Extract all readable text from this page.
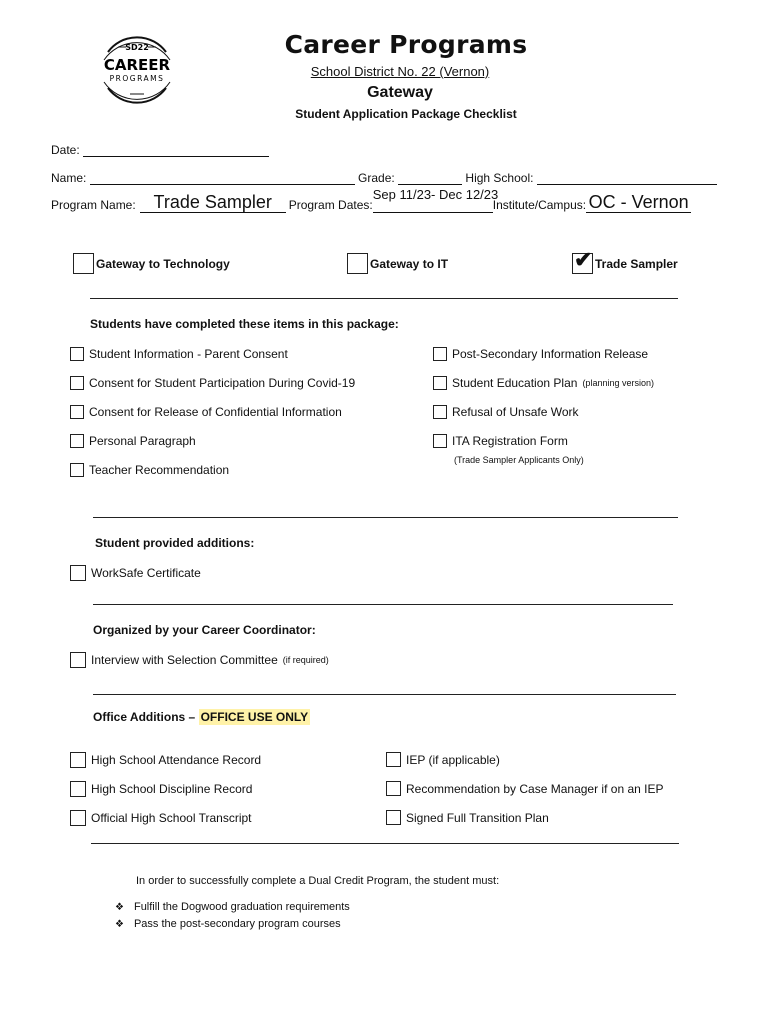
SD22
CAREER
PROGRAMS
Career Programs
School District No. 22 (Vernon)
Gateway
Student Application Package Checklist
Date:
Name:	Grade:	High School:
Program Name: Trade Sampler	Program Dates:
Sep 11/23- Dec 12/23
Institute/Campus: OC - Vernon
Gateway to Technology	Gateway to IT	✔ Trade Sampler
Students have completed these items in this package:
Student Information - Parent Consent
Consent for Student Participation During Covid-19
Consent for Release of Confidential Information
Personal Paragraph
Teacher Recommendation
Post-Secondary Information Release
Student Education Plan (planning version)
Refusal of Unsafe Work
ITA Registration Form
(Trade Sampler Applicants Only)
Student provided additions:
WorkSafe Certificate
Organized by your Career Coordinator:
Interview with Selection Committee (if required)
Office Additions – OFFICE USE ONLY
High School Attendance Record
High School Discipline Record
Official High School Transcript
IEP (if applicable)
Recommendation by Case Manager if on an IEP
Signed Full Transition Plan
In order to successfully complete a Dual Credit Program, the student must:
❖ Fulfill the Dogwood graduation requirements
❖ Pass the post-secondary program courses
